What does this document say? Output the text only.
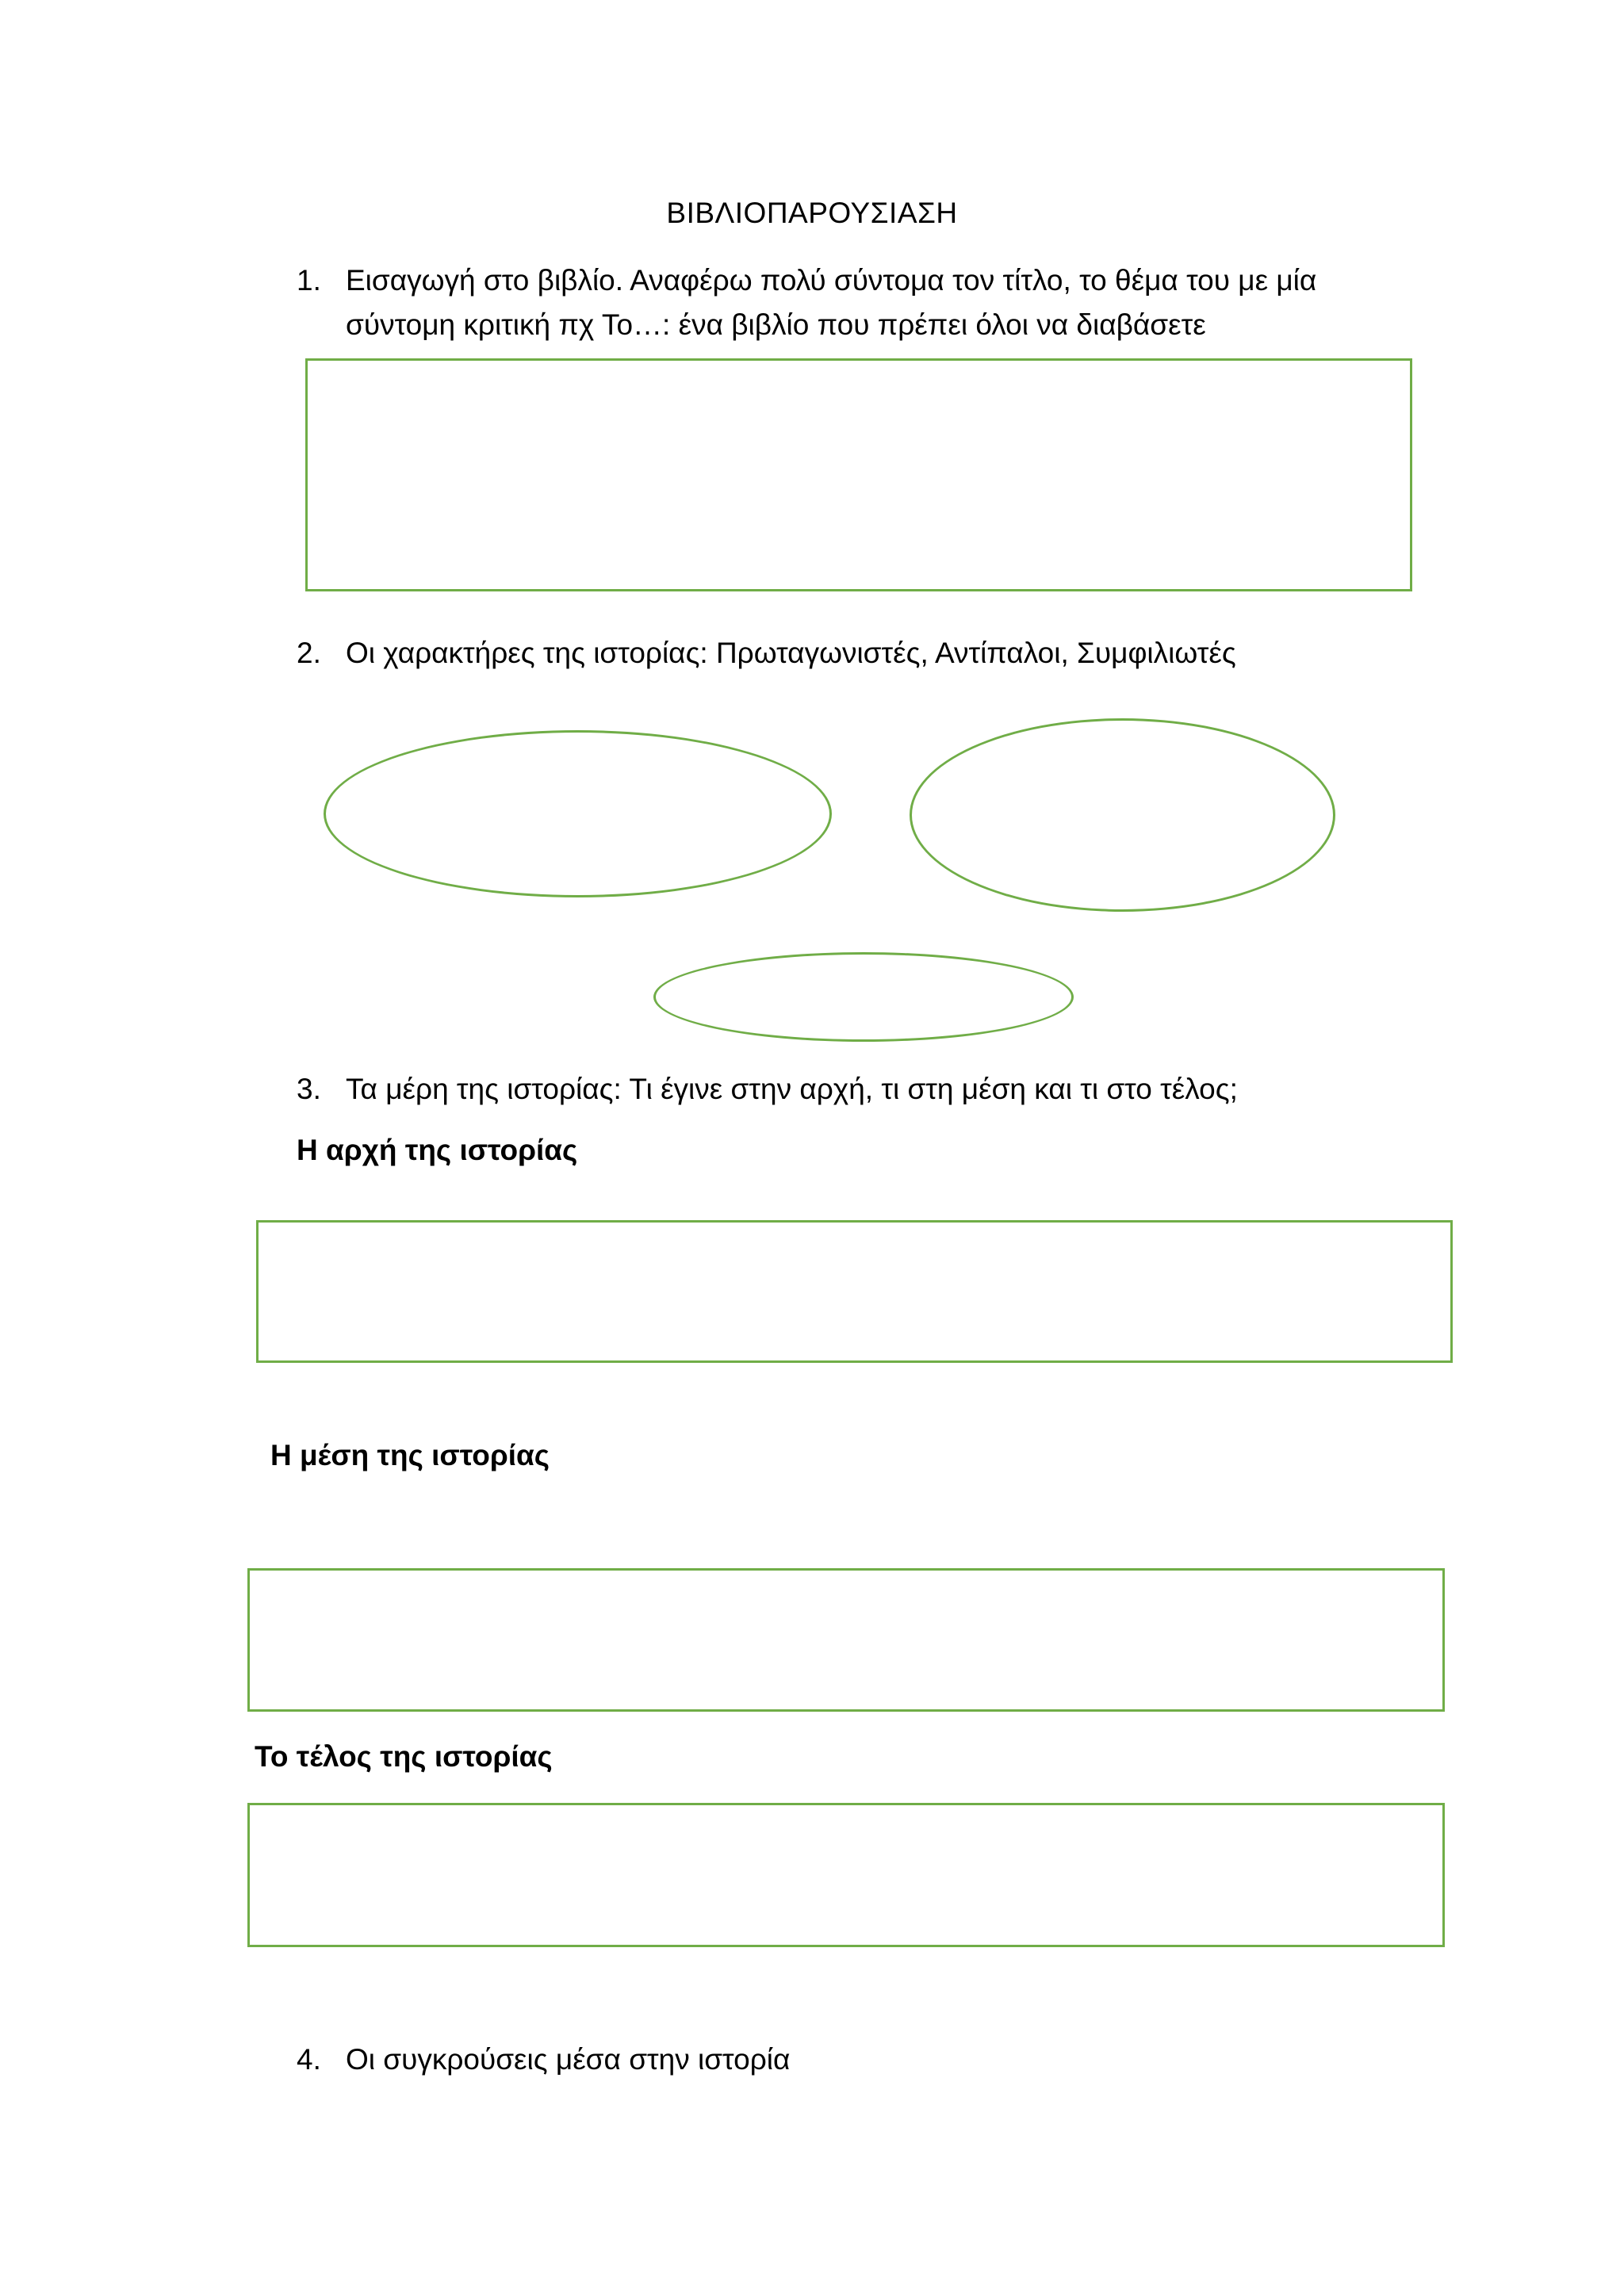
ΒΙΒΛΙΟΠΑΡΟΥΣΙΑΣΗ
1. Εισαγωγή στο βιβλίο. Αναφέρω πολύ σύντομα τον τίτλο, το θέμα του με μία
σύντομη κριτική πχ Το…: ένα βιβλίο που πρέπει όλοι να διαβάσετε
2. Οι χαρακτήρες της ιστορίας: Πρωταγωνιστές, Αντίπαλοι, Συμφιλιωτές
3. Τα μέρη της ιστορίας: Τι έγινε στην αρχή, τι στη μέση και τι στο τέλος;
Η αρχή της ιστορίας
Η μέση της ιστορίας
Το τέλος της ιστορίας
4. Οι συγκρούσεις μέσα στην ιστορία
